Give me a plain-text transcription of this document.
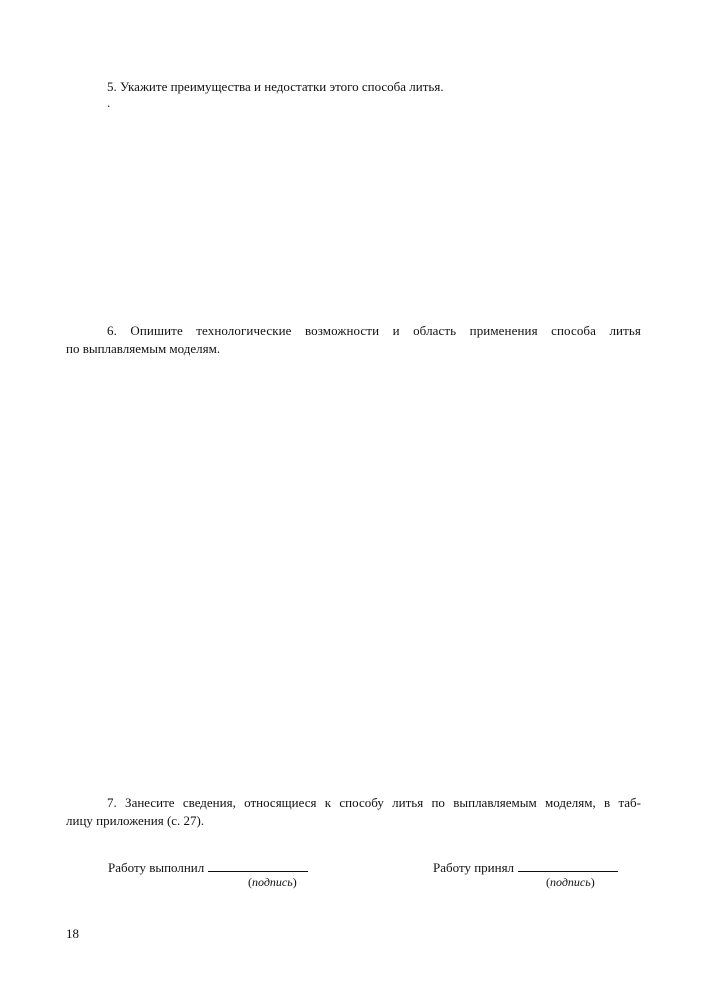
5. Укажите преимущества и недостатки этого способа литья.
.
6. Опишите технологические возможности и область применения способа литья
по выплавляемым моделям.
7. Занесите сведения, относящиеся к способу литья по выплавляемым моделям, в таб-
лицу приложения (с. 27).
Работу выполнил
(подпись)
Работу принял
(подпись)
18
